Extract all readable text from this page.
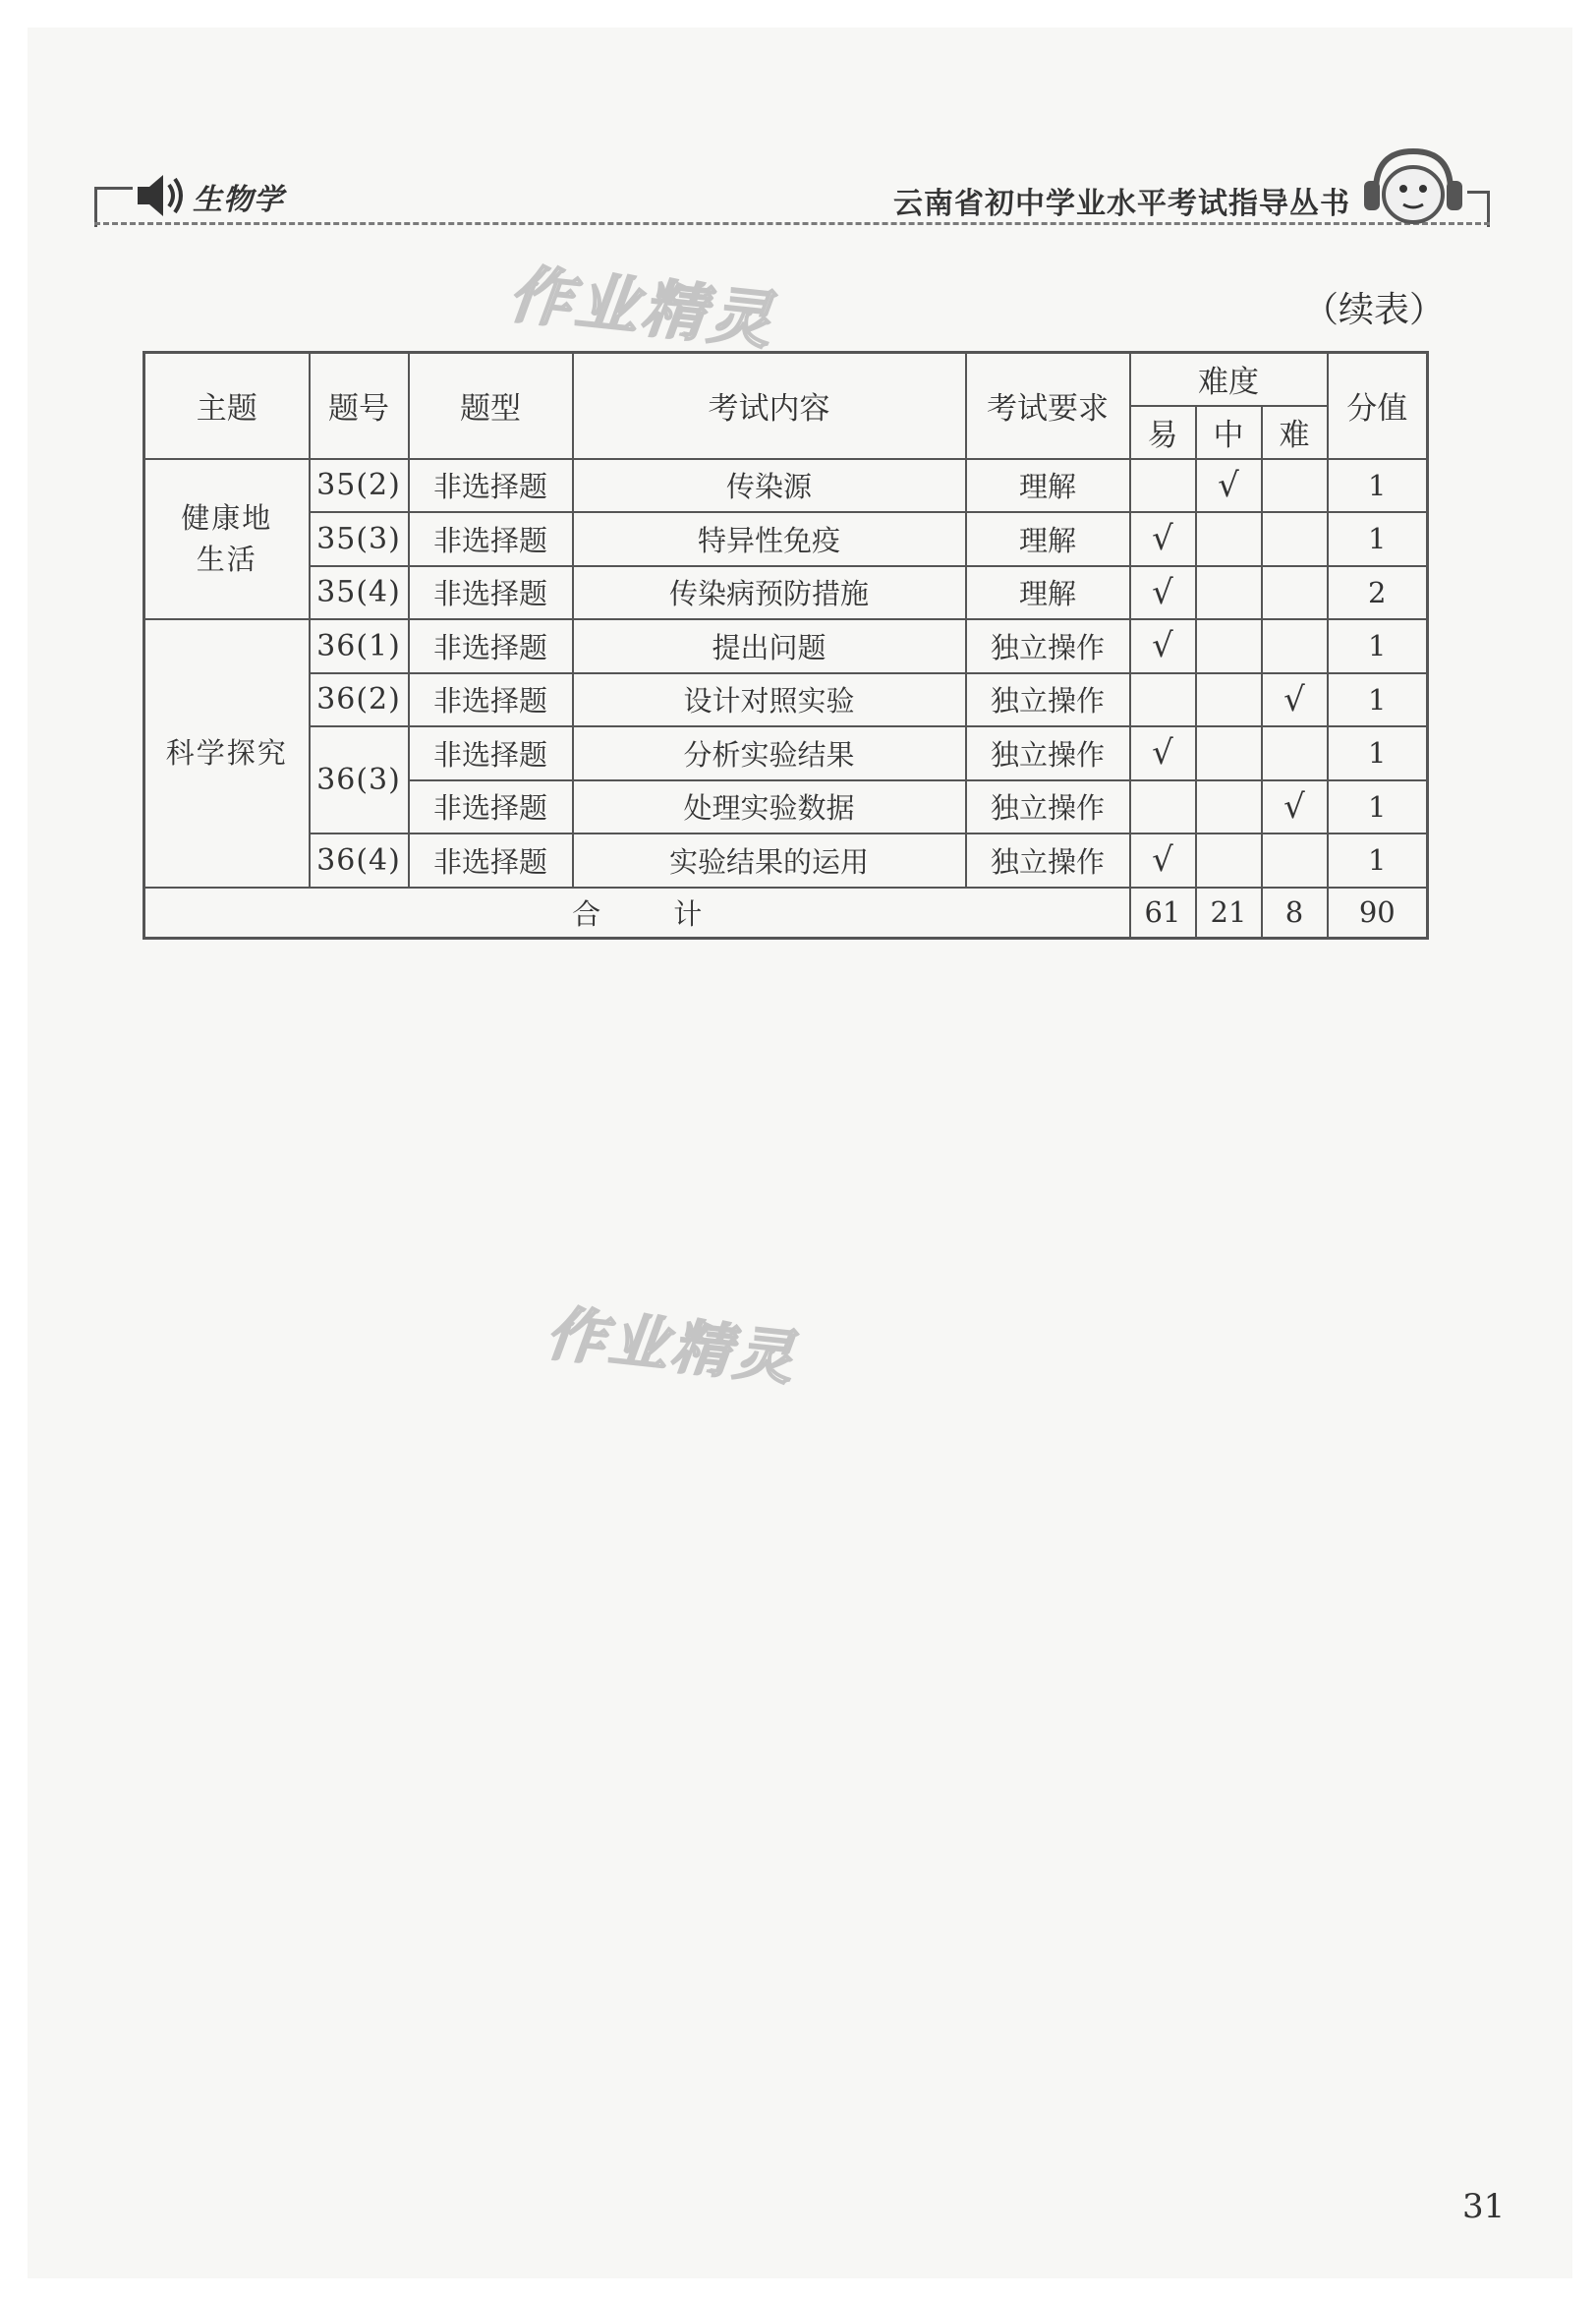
生物学	云南省初中学业水平考试指导丛书
作业精灵
作业精灵
（续表）
主题	题号	题型	考试内容	考试要求	难度			分值
					易	中	难	
健康地
生活	35(2)	非选择题	传染源	理解		√		1
	35(3)	非选择题	特异性免疫	理解	√			1
	35(4)	非选择题	传染病预防措施	理解	√			2
科学探究	36(1)	非选择题	提出问题	独立操作	√			1
	36(2)	非选择题	设计对照实验	独立操作			√	1
	36(3)	非选择题	分析实验结果	独立操作	√			1
		非选择题	处理实验数据	独立操作			√	1
	36(4)	非选择题	实验结果的运用	独立操作	√			1
合计					61	21	8	90
31
